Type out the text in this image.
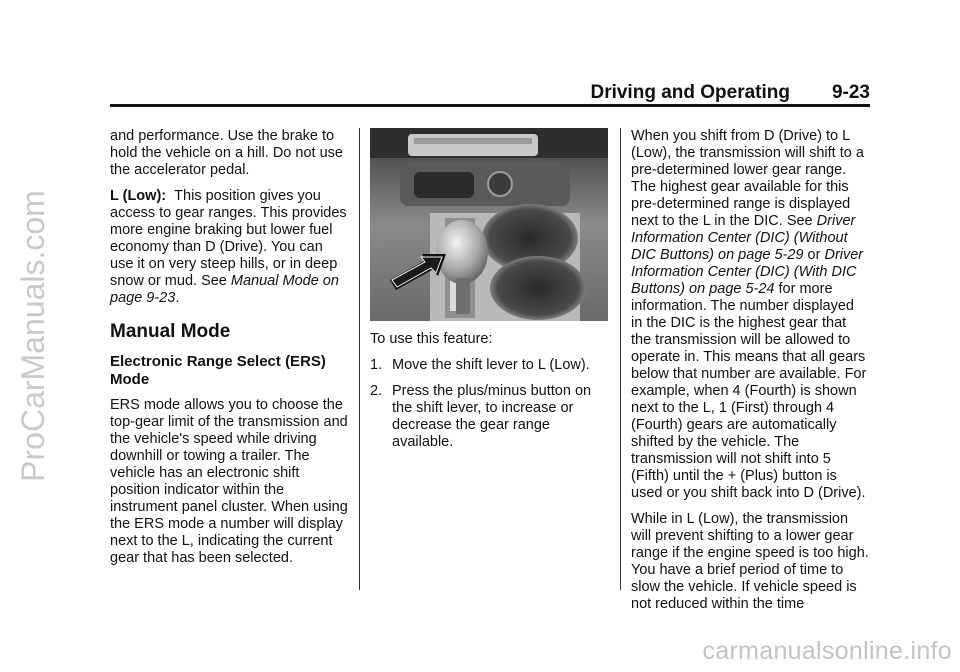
ProCarManuals.com
Driving and Operating 9-23

and performance. Use the brake to hold the vehicle on a hill. Do not use the accelerator pedal.

L (Low): This position gives you access to gear ranges. This provides more engine braking but lower fuel economy than D (Drive). You can use it on very steep hills, or in deep snow or mud. See Manual Mode on page 9-23.

Manual Mode
Electronic Range Select (ERS) Mode

ERS mode allows you to choose the top-gear limit of the transmission and the vehicle's speed while driving downhill or towing a trailer. The vehicle has an electronic shift position indicator within the instrument panel cluster. When using the ERS mode a number will display next to the L, indicating the current gear that has been selected.

To use this feature:

1. Move the shift lever to L (Low).
2. Press the plus/minus button on the shift lever, to increase or decrease the gear range available.

When you shift from D (Drive) to L (Low), the transmission will shift to a pre-determined lower gear range. The highest gear available for this pre-determined range is displayed next to the L in the DIC. See Driver Information Center (DIC) (Without DIC Buttons) on page 5-29 or Driver Information Center (DIC) (With DIC Buttons) on page 5-24 for more information. The number displayed in the DIC is the highest gear that the transmission will be allowed to operate in. This means that all gears below that number are available. For example, when 4 (Fourth) is shown next to the L, 1 (First) through 4 (Fourth) gears are automatically shifted by the vehicle. The transmission will not shift into 5 (Fifth) until the + (Plus) button is used or you shift back into D (Drive).

While in L (Low), the transmission will prevent shifting to a lower gear range if the engine speed is too high. You have a brief period of time to slow the vehicle. If vehicle speed is not reduced within the time

carmanualsonline.info
